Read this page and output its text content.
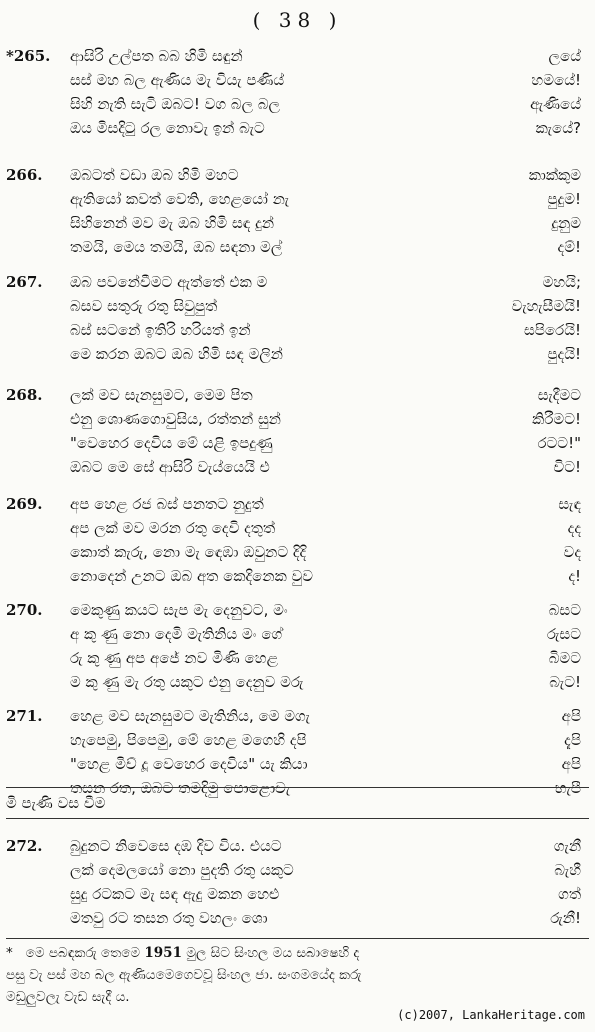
( 38 )
*265. ආසිරි උල්පත බබ හිමි සඳුන්	ලයේ
සස් මහ බල ඇණිය මැ වියැ පණිය්	හමයේ!
සිහි නැති සැටි ඔබට! වග බල බල	ඇණියේ
ඔය මිසදිටු රල නොවැ ඉන් බැට	කැයේ?
266. ඔබටත් වඩා ඔබ හිමි මහට	කාක්කුම
ඇතියෝ කවත් වෙති, හෙළයෝ නැ	පුදුම!
සිහිනෙන් මව මැ ඔබ හිමි සඳ දුන්	දුනුම
තමයි, මෙය තමයි, ඔබ සඳනා මල්	දම්!
267. ඔබ පවනේවීමට ඇත්තේ එක ම	මහයි;
බසව සතුරු රතු සිවුපුත්	වැහැසීමයි!
බස් සටනේ ඉතිරි හරියත් ඉන්	සපිරෙයි!
මෙ කරන ඔබට ඔබ හිමි සඳ මලින්	පුදයි!
268. ලක් මව සැනසුමට, මෙම පිත	සැදීමට
එනු ශොණගොවුසිය, රත්තන් සුන්	කිරීමට!
"වෙහෙර දෙවිය මේ යළි ඉපදුණු	රටට!"
ඔබට මෙ සේ ආසිරි වැය්යෙයි එ	විට!
269. අප හෙළ රජ බස් පනතට නුදුත්	සැඳ
අප ලක් මව මරන රතු දෙවි දතුත්	දද
කොත් කැරු, නො මැ ඳෙඹා ඔවුනට දිදි	වද
නොදෙන් උනට ඔබ අත කෙදිනෙක වුව	ද!
270. මෙකුණු කයට සැප මැ දෙනුවට, මං	බසට
අ කු ණු නො දෙමි මැතිනිය මං ගේ	රුසට
රු කු ණු අප අජේ නව මිණි හෙළ	බිමට
ම කු ණු මැ රතු යකුට එනු දෙනුව මරු	බැට!
271. හෙළ මව සැනසුමට මැතිනිය, මෙ මගැ	අපි
හැපෙමු, පිපෙමු, මේ හෙළ මගෙහි දපි	දැපි
"හෙළ මිව් දූ වෙහෙර දෙවිය" යැ කියා	අපි
තසන රත, ඔබට තමදිමු පොළොවැ	හැපී
මි පැණි වස වීම
272. බුදුනට නිවෙසෙ දඹ දිව විය. එයට	ගැනී
ලක් දෙමලයෝ නො පුදති රතු යකුට	බැහී
සුදු රටකට මැ සඳ ඇදු මකන හෙළු	ගත්
මතවු රට තසන රතු වහලං ශො	රුනී!
* මෙ පබඳකරු තෙමෙ 1951 මුල සිට සිංහල මය සබාෂෙහි ද
පසු වැ පස් මහ බල ඇණියමෙගෙවවූ සිංහල ජා. සංගමයේද කරු
මඩුලුවලැ වැඩ සැදී ය.
(c)2007, LankaHeritage.com
